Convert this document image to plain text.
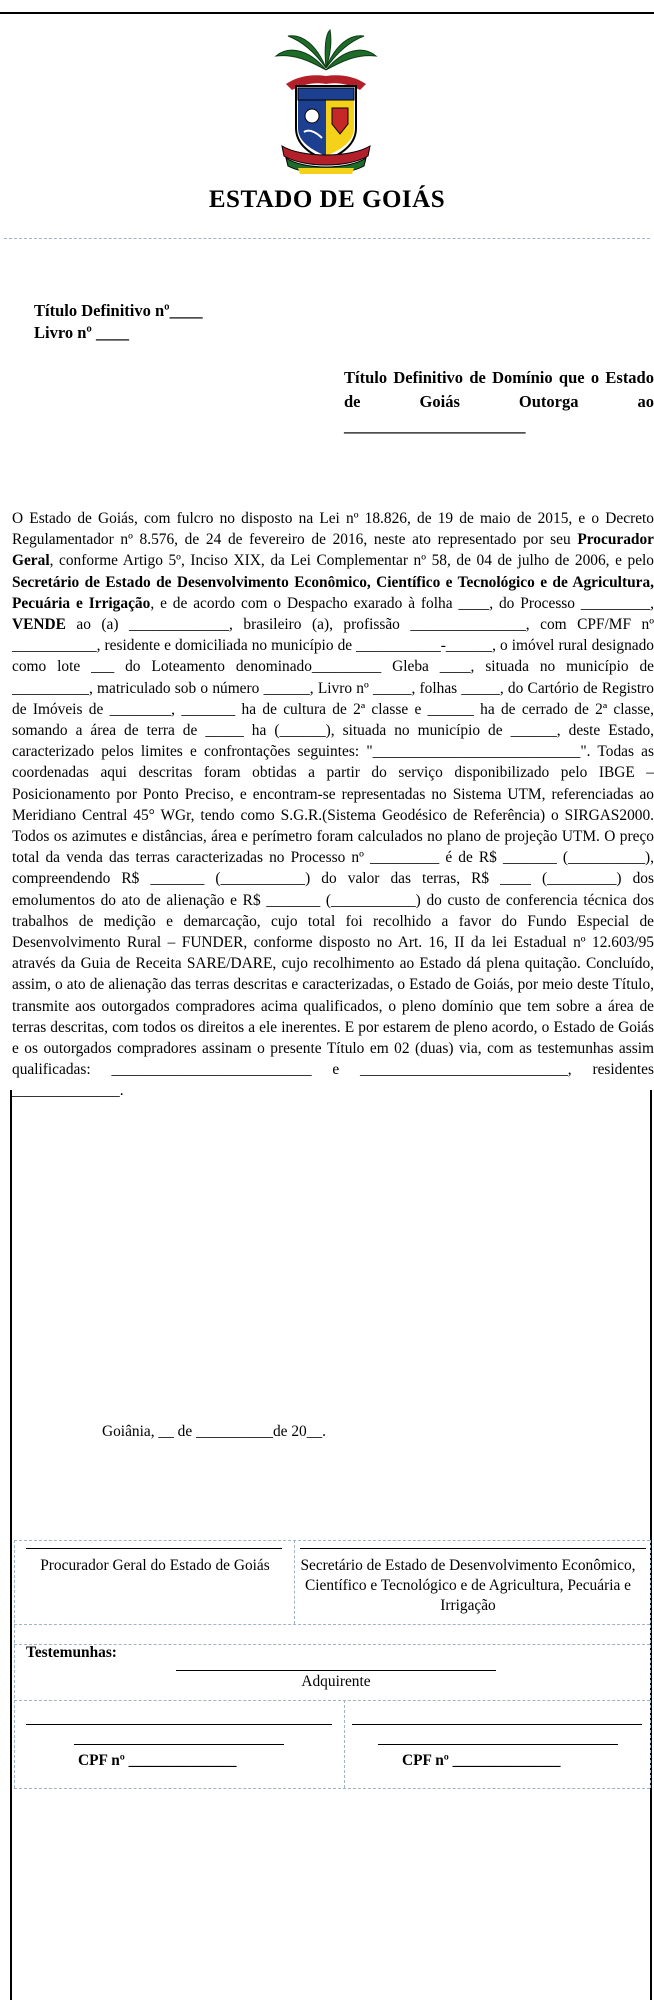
ESTADO DE GOIÁS
Título Definitivo nº____
Livro nº ____
Título Definitivo de Domínio que o Estado de Goiás Outorga ao ______________________

O Estado de Goiás, com fulcro no disposto na Lei nº 18.826, de 19 de maio de 2015, e o Decreto Regulamentador nº 8.576, de 24 de fevereiro de 2016, neste ato representado por seu Procurador Geral, conforme Artigo 5º, Inciso XIX, da Lei Complementar nº 58, de 04 de julho de 2006, e pelo Secretário de Estado de Desenvolvimento Econômico, Científico e Tecnológico e de Agricultura, Pecuária e Irrigação, e de acordo com o Despacho exarado à folha ____, do Processo _________, VENDE ao (a) _____________, brasileiro (a), profissão _______________, com CPF/MF nº ___________, residente e domiciliada no município de ___________-______, o imóvel rural designado como lote ___ do Loteamento denominado_________ Gleba ____, situada no município de __________, matriculado sob o número ______, Livro nº _____, folhas _____, do Cartório de Registro de Imóveis de ________, _______ ha de cultura de 2ª classe e ______ ha de cerrado de 2ª classe, somando a área de terra de _____ ha (______), situada no município de ______, deste Estado, caracterizado pelos limites e confrontações seguintes: "___________________________". Todas as coordenadas aqui descritas foram obtidas a partir do serviço disponibilizado pelo IBGE – Posicionamento por Ponto Preciso, e encontram-se representadas no Sistema UTM, referenciadas ao Meridiano Central 45° WGr, tendo como S.G.R.(Sistema Geodésico de Referência) o SIRGAS2000. Todos os azimutes e distâncias, área e perímetro foram calculados no plano de projeção UTM. O preço total da venda das terras caracterizadas no Processo nº _________ é de R$ _______ (__________), compreendendo R$ _______ (___________) do valor das terras, R$ ____ (_________) dos emolumentos do ato de alienação e R$ _______ (___________) do custo de conferencia técnica dos trabalhos de medição e demarcação, cujo total foi recolhido a favor do Fundo Especial de Desenvolvimento Rural – FUNDER, conforme disposto no Art. 16, II da lei Estadual nº 12.603/95 através da Guia de Receita SARE/DARE, cujo recolhimento ao Estado dá plena quitação. Concluído, assim, o ato de alienação das terras descritas e caracterizadas, o Estado de Goiás, por meio deste Título, transmite aos outorgados compradores acima qualificados, o pleno domínio que tem sobre a área de terras descritas, com todos os direitos a ele inerentes. E por estarem de pleno acordo, o Estado de Goiás e os outorgados compradores assinam o presente Título em 02 (duas) via, com as testemunhas assim qualificadas: __________________________ e ___________________________, residentes ______________.

Goiânia, __ de __________de 20__.
Procurador Geral do Estado de Goiás Secretário de Estado de Desenvolvimento Econômico, Científico e Tecnológico e de Agricultura, Pecuária e Irrigação
Adquirente
Testemunhas:
CPF nº ______________	CPF nº ______________
